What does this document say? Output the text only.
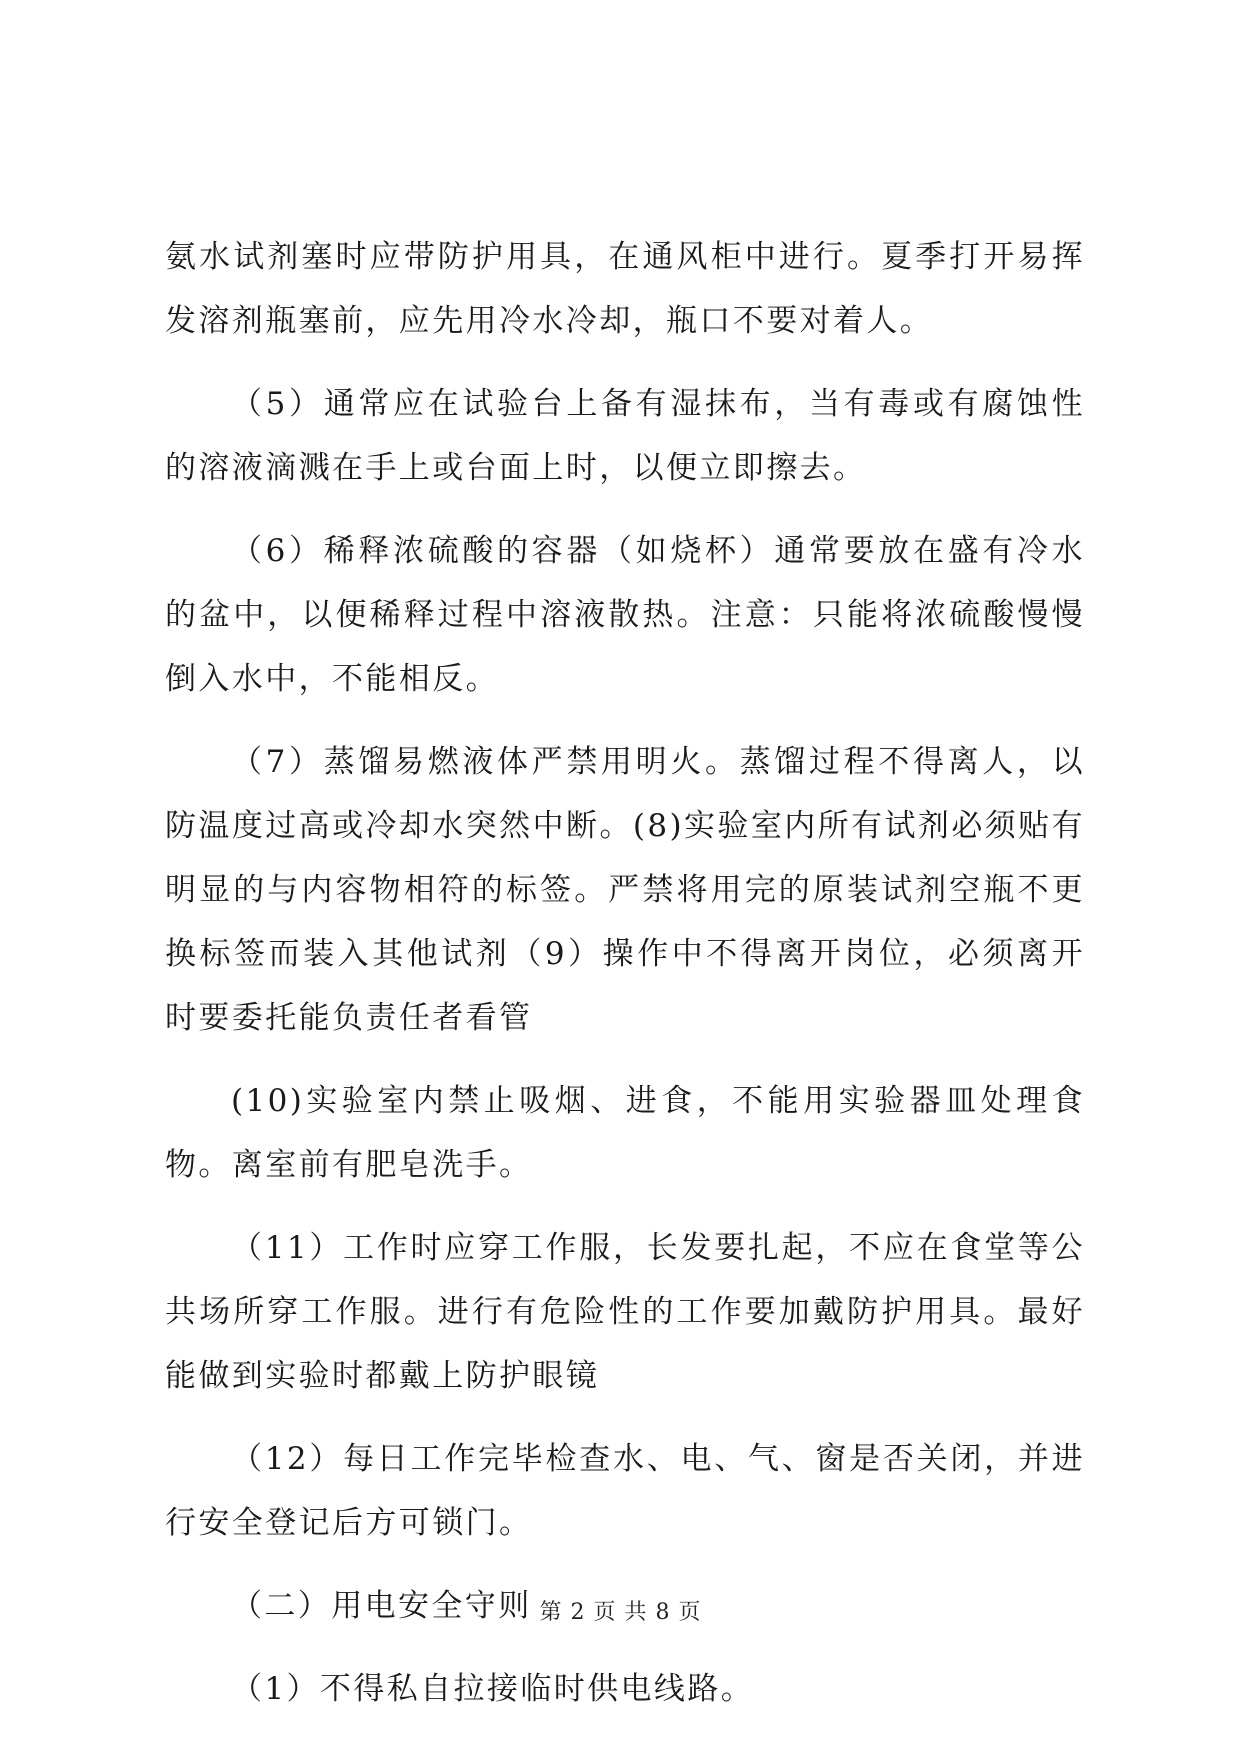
氨水试剂塞时应带防护用具，在通风柜中进行。夏季打开易挥发溶剂瓶塞前，应先用冷水冷却，瓶口不要对着人。

（5）通常应在试验台上备有湿抹布，当有毒或有腐蚀性的溶液滴溅在手上或台面上时，以便立即擦去。

（6）稀释浓硫酸的容器（如烧杯）通常要放在盛有冷水的盆中，以便稀释过程中溶液散热。注意：只能将浓硫酸慢慢倒入水中，不能相反。

（7）蒸馏易燃液体严禁用明火。蒸馏过程不得离人，以防温度过高或冷却水突然中断。(8)实验室内所有试剂必须贴有明显的与内容物相符的标签。严禁将用完的原装试剂空瓶不更换标签而装入其他试剂（9）操作中不得离开岗位，必须离开时要委托能负责任者看管

(10)实验室内禁止吸烟、进食，不能用实验器皿处理食物。离室前有肥皂洗手。

（11）工作时应穿工作服，长发要扎起，不应在食堂等公共场所穿工作服。进行有危险性的工作要加戴防护用具。最好能做到实验时都戴上防护眼镜

（12）每日工作完毕检查水、电、气、窗是否关闭，并进行安全登记后方可锁门。

（二）用电安全守则

（1）不得私自拉接临时供电线路。

第 2 页 共 8 页
